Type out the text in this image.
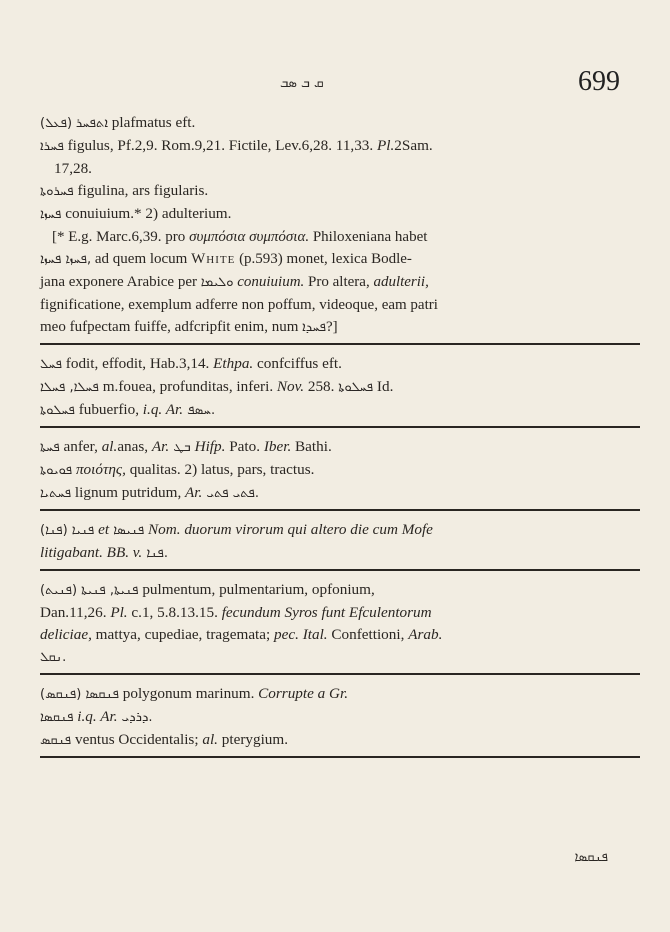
ܩ ܒ ܣܒ	699
(ܦܥܠ) ܐܬܦܚܪ plafmatus eft.
ܦܚܪܐ figulus, Pf.2,9. Rom.9,21. Fictile, Lev.6,28. 11,33. Pl.2Sam.
17,28.
ܦܚܪܘܬܐ figulina, ars figularis.
ܦܚܙܐ conuiuium.* 2) adulterium.
[* E.g. Marc.6,39. pro συμπόσια συμπόσια. Philoxeniana habet
ܦܚܙܐ ܦܚܙܐ, ad quem locum White (p.593) monet, lexica Bodle-
jana exponere Arabice per ܘܠܝܡܐ conuiuium. Pro altera, adulterii,
fignificatione, exemplum adferre non poffum, videoque, eam patri
meo fufpectam fuiffe, adfcripfit enim, num ܦܚܕܐ?]
ܦܚܠ fodit, effodit, Hab.3,14. Ethpa. confciffus eft.
ܦܚܠܐ, ܦܚܠܐ m.fouea, profunditas, inferi. Nov. 258. ܦܚܠܘܬܐ Id.
ܦܚܠܘܬܐ fubuerfio, i.q. Ar. ܚܣܦ.
ܦܚܬܐ anfer, al.anas, Ar. ܒܛ Hifp. Pato. Iber. Bathi.
ܦܘܝܘܬܐ ποιότης, qualitas. 2) latus, pars, tractus.
ܦܚܬܝܐ lignum putridum, Ar. ܦܬܝ ܦܬܝ.
(ܦܢܐ) ܦܢܝܐ et ܦܢܝܣܐ Nom. duorum virorum qui altero die cum Mofe
litigabant. BB. v. ܦܢܐ.
(ܦܢܝܬ) ܦܢܝܬܐ, ܦܢܝܬܐ pulmentum, pulmentarium, opfonium,
Dan.11,26. Pl. c.1, 5.8.13.15. fecundum Syros funt Efculentorum
deliciae, mattya, cupediae, tragemata; pec. Ital. Confettioni, Arab.
ܢܩܠ.
(ܦܢܩܣ) ܦܢܩܣܐ polygonum marinum. Corrupte a Gr.
ܦܢܩܣܐ i.q. Ar. ܕܪܕܝ.
ܦܢܩܣ ventus Occidentalis; al. pterygium.
ܦܢܩܣܐ
